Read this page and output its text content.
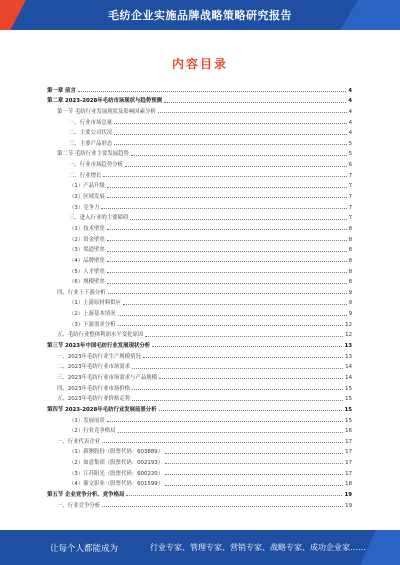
毛纺企业实施品牌战略策略研究报告
内容目录
第一章 前言	4
第二章 2023-2028年毛纺市场现状与趋势预测	4
第一节 毛纺行业发展现状及影响因素分析	4
一、行业市场总量	4
二、主要公司状况	4
三、主要产品形态	5
第二节 毛纺行业主要发展趋势	5
一、行业市场趋势分析	6
二、行业增长	7
（1）产品升级	7
（2）区域发展	7
（3）竞争力	7
三、进入行业的主要障碍	7
（1）技术壁垒	8
（2）资金壁垒	8
（3）渠道壁垒	8
（4）品牌壁垒	8
（5）人才壁垒	8
（6）规模壁垒	8
四、行业上下游分析	9
（1）上游原材料供应	9
（2）上游基本情况	9
（3）下游需求分析	12
五、毛纺行业整体利润水平变化原因	12
第三节 2023年中国毛纺行业发展现状分析	13
一、2023年毛纺行业生产规模情况	13
二、2023年毛纺行业市场需求	14
三、2023年毛纺行业市场需求与产品规模	14
四、2023年毛纺行业市场价格	15
五、2023年毛纺行业价格走势	15
第四节 2023-2028年毛纺行业发展前景分析	15
（1）发展前景	15
（2）行业竞争格局	16
一、行业代表企业	17
（1）新澳股份（股票代码：603889）	17
（2）如意集团（股票代码：002193）	17
（3）江苏阳光（股票代码：600220）	17
（4）浙文影业（股票代码：601599）	18
第五节 企业竞争分析、竞争格局	19
一、行业竞争分析	19
让每个人都能成为	行业专家、管理专家、营销专家、战略专家、成功企业家……
